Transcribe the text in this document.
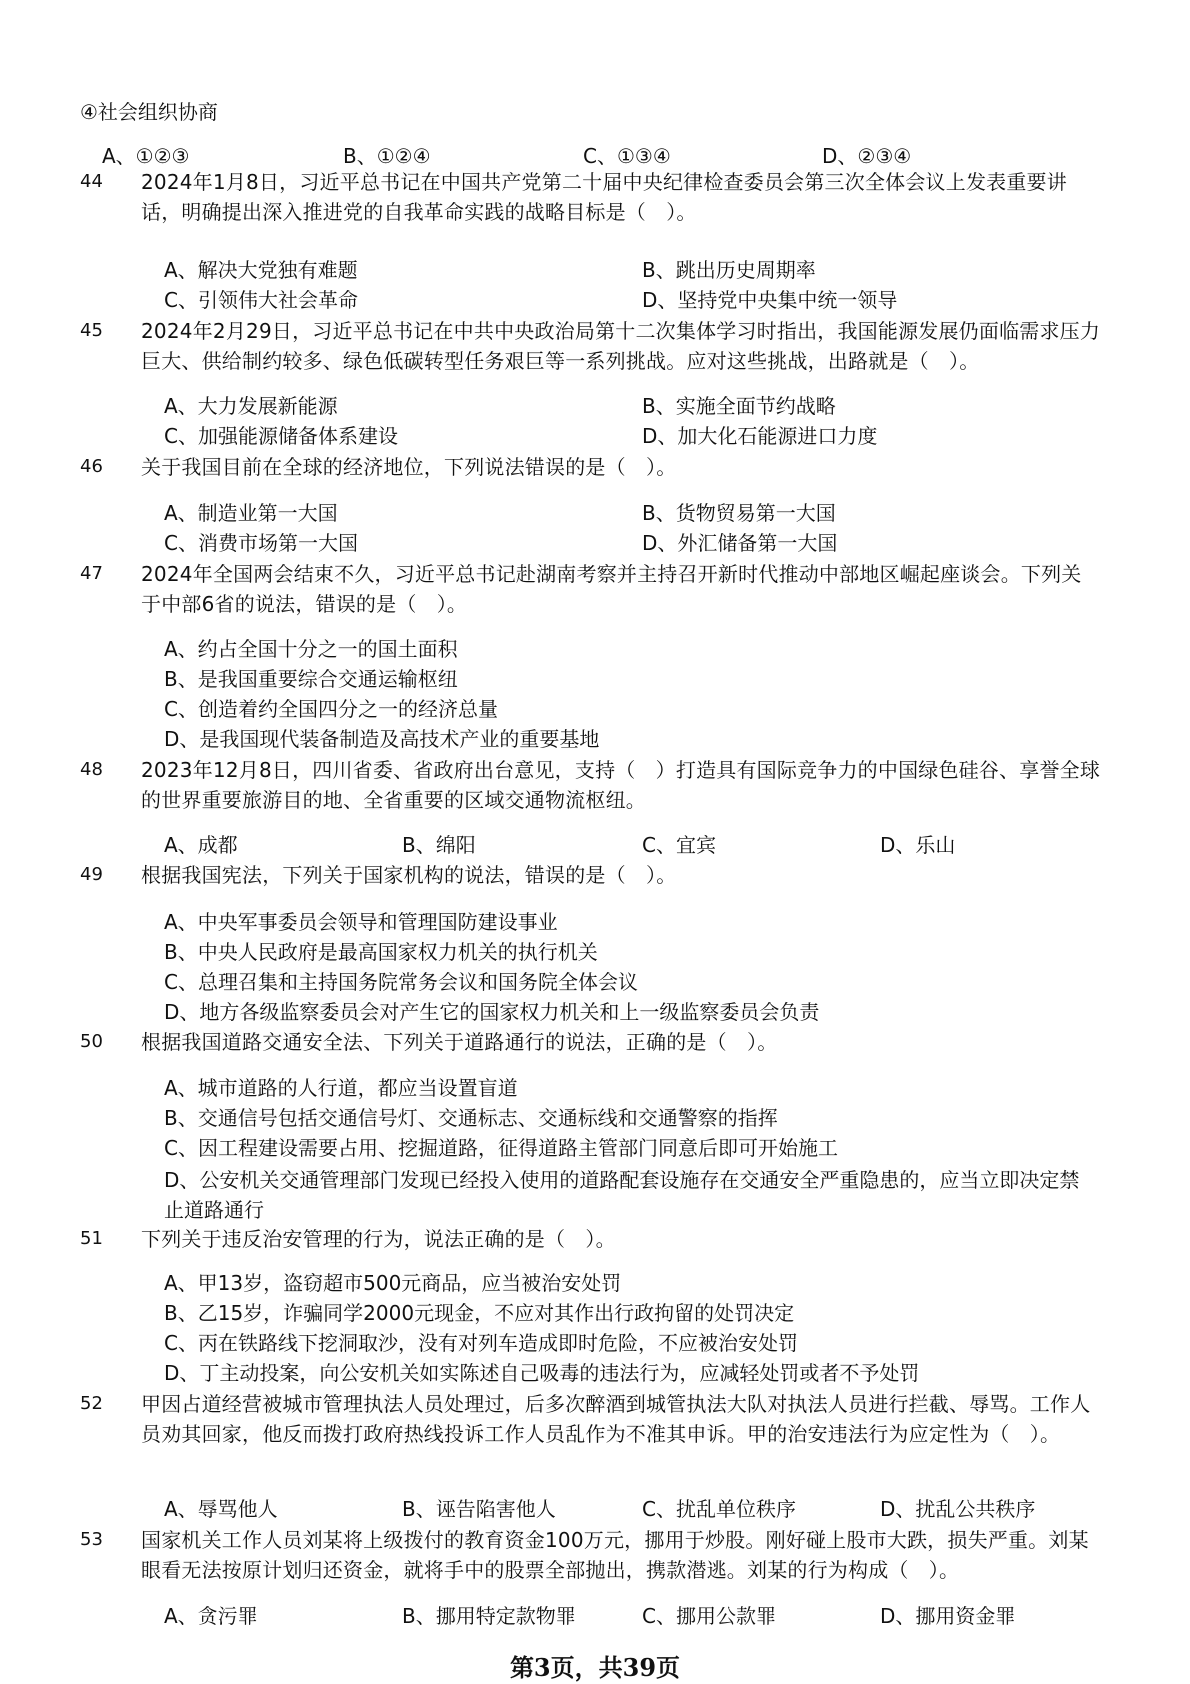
④社会组织协商
A、①②③	B、①②④	C、①③④	D、②③④
44 2024年1月8日，习近平总书记在中国共产党第二十届中央纪律检查委员会第三次全体会议上发表重要讲话，明确提出深入推进党的自我革命实践的战略目标是（　）。
A、解决大党独有难题	B、跳出历史周期率
C、引领伟大社会革命	D、坚持党中央集中统一领导
45 2024年2月29日，习近平总书记在中共中央政治局第十二次集体学习时指出，我国能源发展仍面临需求压力巨大、供给制约较多、绿色低碳转型任务艰巨等一系列挑战。应对这些挑战，出路就是（　）。
A、大力发展新能源	B、实施全面节约战略
C、加强能源储备体系建设	D、加大化石能源进口力度
46 关于我国目前在全球的经济地位，下列说法错误的是（　）。
A、制造业第一大国	B、货物贸易第一大国
C、消费市场第一大国	D、外汇储备第一大国
47 2024年全国两会结束不久，习近平总书记赴湖南考察并主持召开新时代推动中部地区崛起座谈会。下列关于中部6省的说法，错误的是（　）。
A、约占全国十分之一的国土面积
B、是我国重要综合交通运输枢纽
C、创造着约全国四分之一的经济总量
D、是我国现代装备制造及高技术产业的重要基地
48 2023年12月8日，四川省委、省政府出台意见，支持（　）打造具有国际竞争力的中国绿色硅谷、享誉全球的世界重要旅游目的地、全省重要的区域交通物流枢纽。
A、成都	B、绵阳	C、宜宾	D、乐山
49 根据我国宪法，下列关于国家机构的说法，错误的是（　）。
A、中央军事委员会领导和管理国防建设事业
B、中央人民政府是最高国家权力机关的执行机关
C、总理召集和主持国务院常务会议和国务院全体会议
D、地方各级监察委员会对产生它的国家权力机关和上一级监察委员会负责
50 根据我国道路交通安全法、下列关于道路通行的说法，正确的是（　）。
A、城市道路的人行道，都应当设置盲道
B、交通信号包括交通信号灯、交通标志、交通标线和交通警察的指挥
C、因工程建设需要占用、挖掘道路，征得道路主管部门同意后即可开始施工
D、公安机关交通管理部门发现已经投入使用的道路配套设施存在交通安全严重隐患的，应当立即决定禁止道路通行
51 下列关于违反治安管理的行为，说法正确的是（　）。
A、甲13岁，盗窃超市500元商品，应当被治安处罚
B、乙15岁，诈骗同学2000元现金，不应对其作出行政拘留的处罚决定
C、丙在铁路线下挖洞取沙，没有对列车造成即时危险，不应被治安处罚
D、丁主动投案，向公安机关如实陈述自己吸毒的违法行为，应减轻处罚或者不予处罚
52 甲因占道经营被城市管理执法人员处理过，后多次醉酒到城管执法大队对执法人员进行拦截、辱骂。工作人员劝其回家，他反而拨打政府热线投诉工作人员乱作为不准其申诉。甲的治安违法行为应定性为（　）。
A、辱骂他人	B、诬告陷害他人	C、扰乱单位秩序	D、扰乱公共秩序
53 国家机关工作人员刘某将上级拨付的教育资金100万元，挪用于炒股。刚好碰上股市大跌，损失严重。刘某眼看无法按原计划归还资金，就将手中的股票全部抛出，携款潜逃。刘某的行为构成（　）。
A、贪污罪	B、挪用特定款物罪	C、挪用公款罪	D、挪用资金罪
第3页，共39页
